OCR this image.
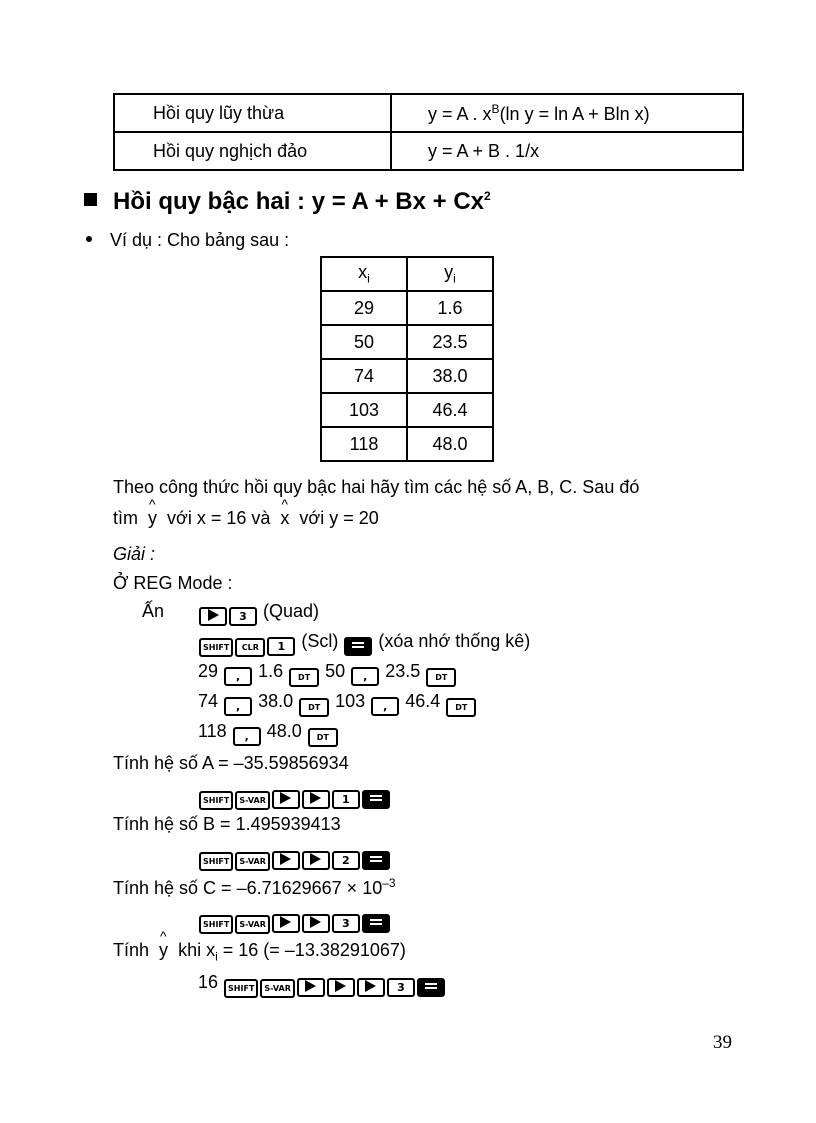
Hồi quy lũy thừa	y = A . $x^B(\ln$ y = ln A + Bln x)
Hồi quy nghịch đảo	y = A + B . 1/x
Hồi quy bậc hai : $y = A + Bx + Cx^2$
Ví dụ : Cho bảng sau :
$x_i$	$y_i$
29	1.6
50	23.5
74	38.0
103	46.4
118	48.0
Theo công thức hồi quy bậc hai hãy tìm các hệ số A, B, C. Sau đó
tìm ^ y với x = 16 và ^ x với y = 20
Giải :
Ở REG Mode :
Ấn	3 (Quad)
SHIFT CLR 1 (Scl) (xóa nhớ thống kê)
29 , 1.6 DT 50 , 23.5 DT
74 , 38.0 DT 103 , 46.4 DT
118 , 48.0 DT
Tính hệ số A = –35.59856934
SHIFT S-VAR	1
Tính hệ số B = 1.495939413
SHIFT S-VAR	2
Tính hệ số $C = -6.71629667 \times 10^{-3}$
SHIFT S-VAR	3
Tính ^ y khi $x_i = 16$ (= –13.38291067)
16 SHIFT S-VAR	3
39
